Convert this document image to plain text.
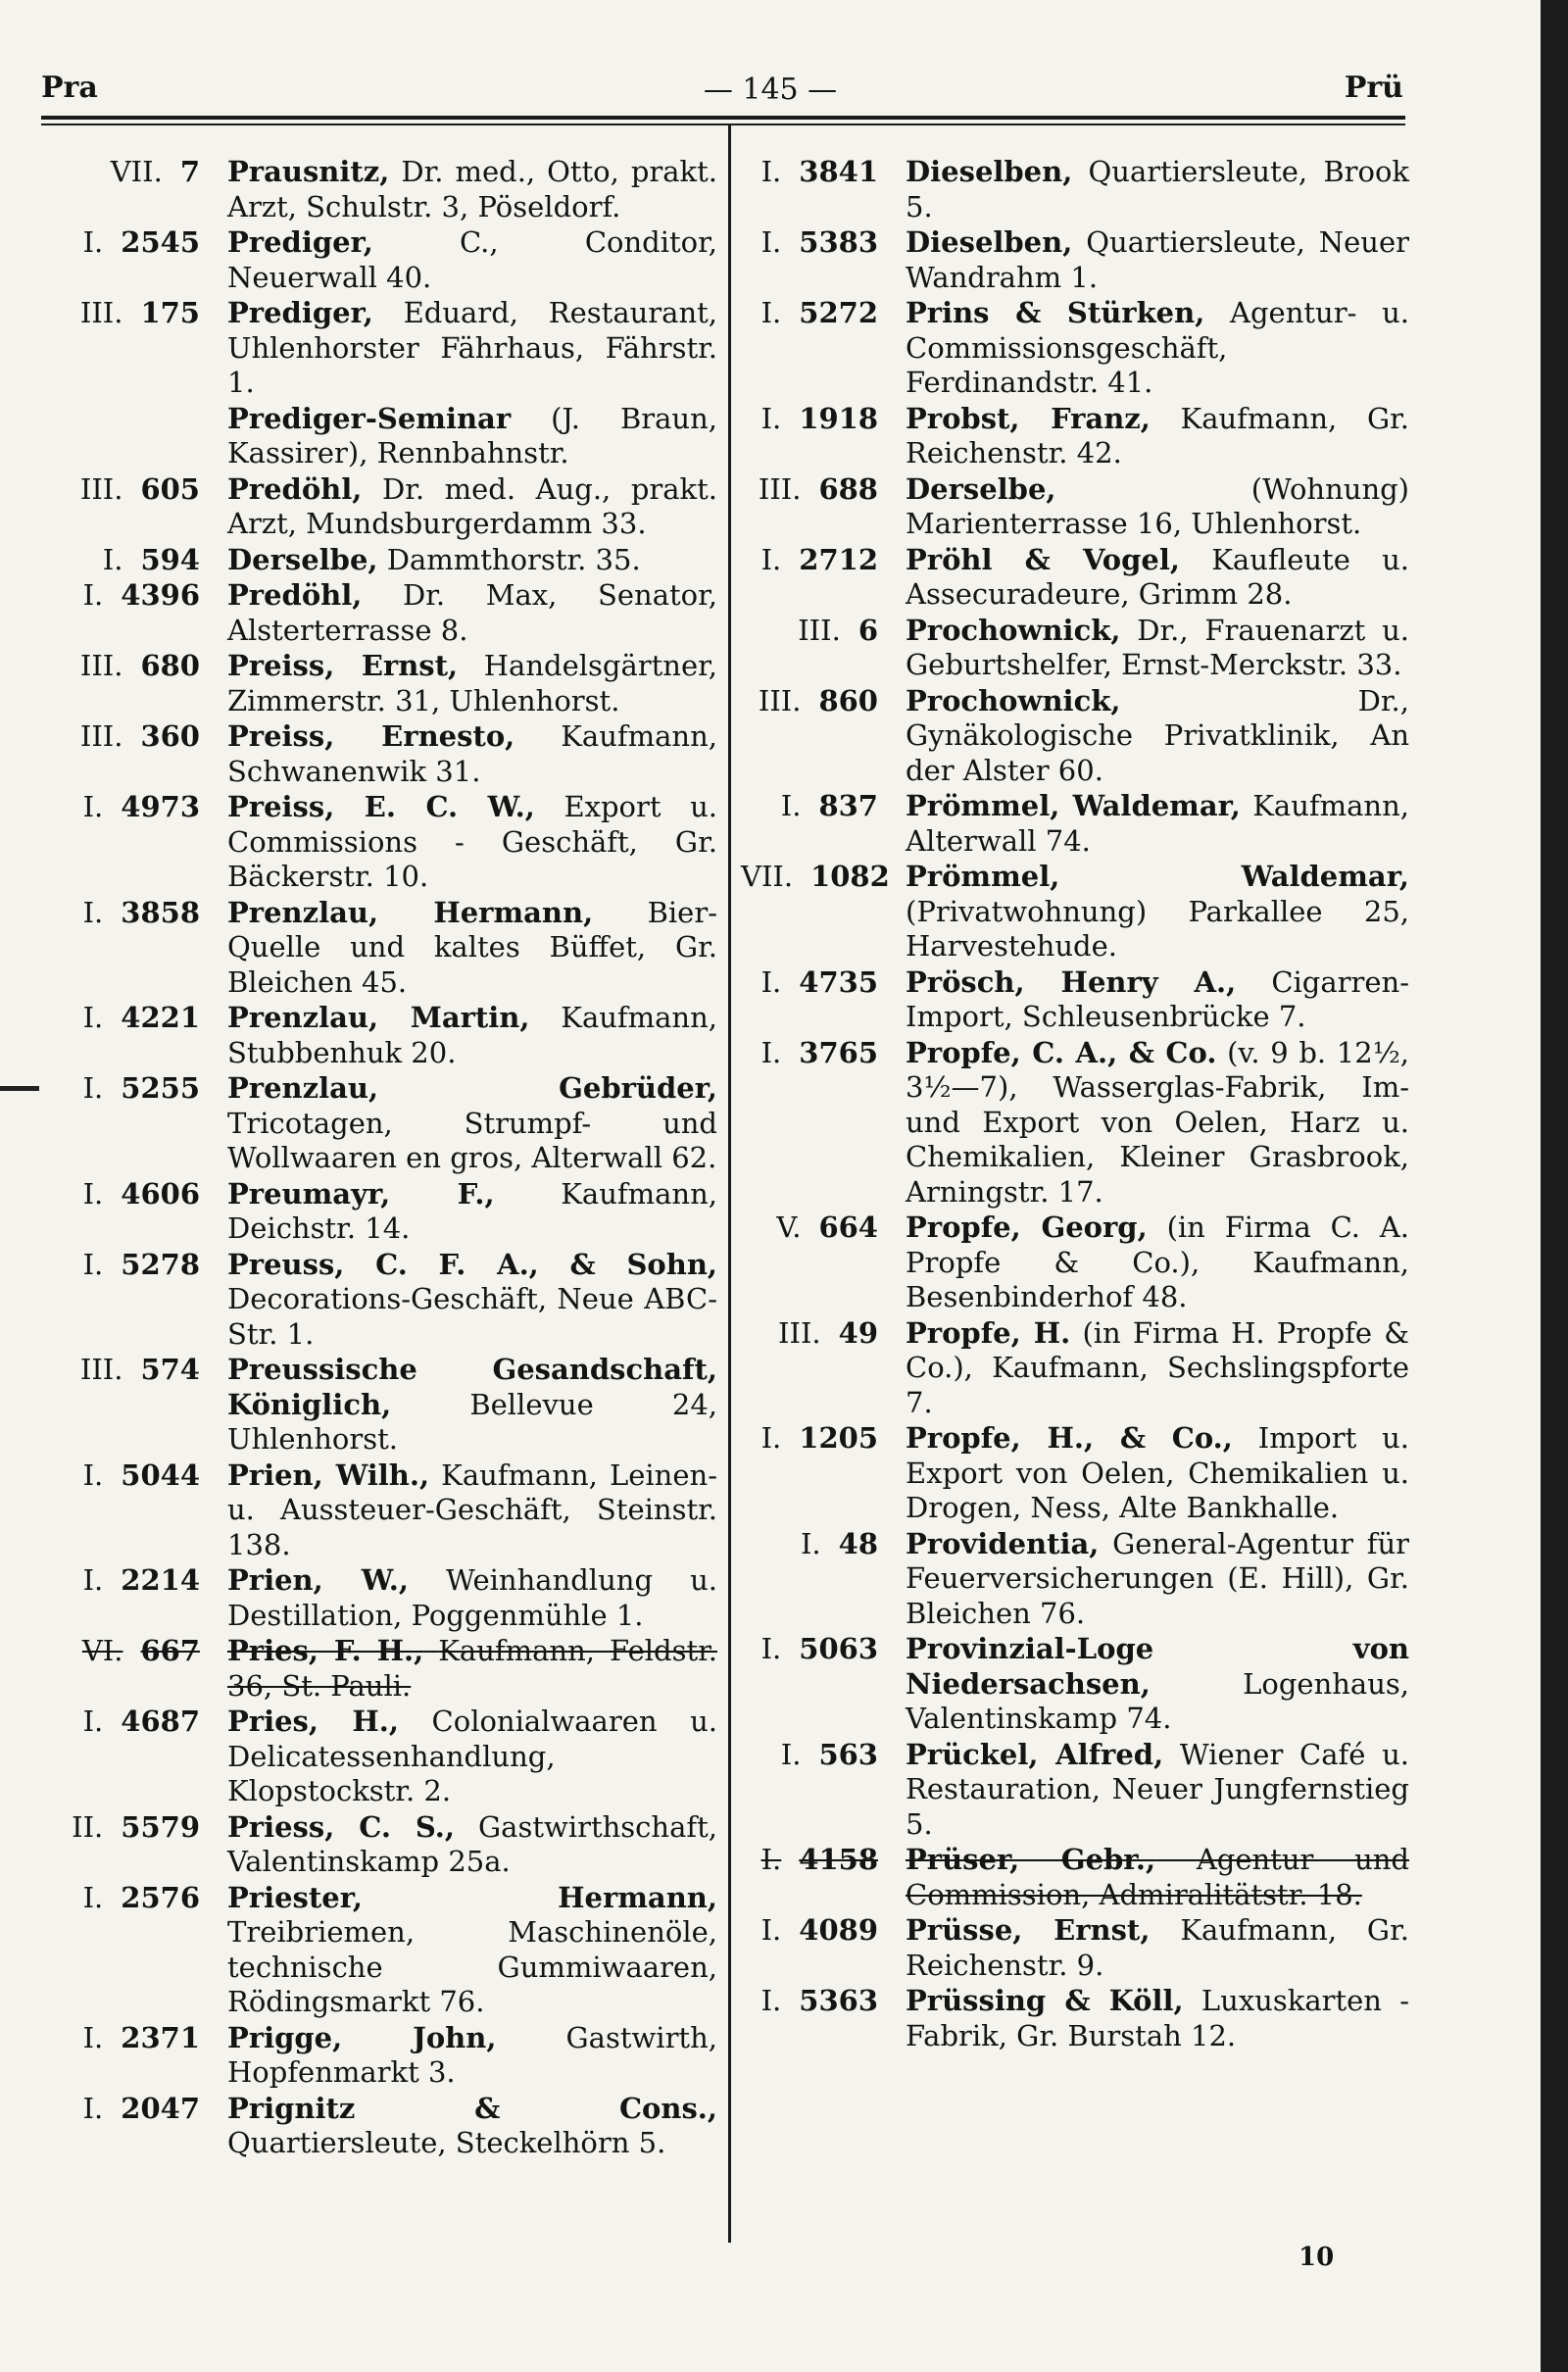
Pra	— 145 —	Prü
VII. 7 Prausnitz, Dr. med., Otto, prakt. Arzt, Schulstr. 3, Pöseldorf.
I. 2545 Prediger,	C., Conditor, Neuerwall 40.
III. 175 Prediger, Eduard, Restaurant, Uhlenhorster Fährhaus, Fährstr. 1.
Prediger-Seminar (J. Braun, Kassirer), Rennbahnstr.
III. 605 Predöhl, Dr. med. Aug., prakt. Arzt, Mundsburgerdamm 33.
I. 594 Derselbe, Dammthorstr. 35.
I. 4396 Predöhl, Dr. Max, Senator, Alsterterrasse 8.
III. 680 Preiss, Ernst, Handelsgärtner, Zimmerstr. 31, Uhlenhorst.
III. 360 Preiss, Ernesto, Kaufmann, Schwanenwik 31.
I. 4973 Preiss, E. C. W., Export u. Commissions - Geschäft, Gr. Bäckerstr. 10.
I. 3858 Prenzlau, Hermann, Bier-Quelle und kaltes Büffet, Gr. Bleichen 45.
I. 4221 Prenzlau, Martin, Kaufmann, Stubbenhuk 20.
I. 5255 Prenzlau, Gebrüder, Tricotagen, Strumpf- und Wollwaaren en gros, Alterwall 62.
I. 4606 Preumayr, F., Kaufmann, Deichstr. 14.
I. 5278 Preuss, C. F. A., & Sohn, Decorations-Geschäft, Neue ABC-Str. 1.
III. 574 Preussische Gesandschaft, Königlich,	Bellevue 24, Uhlenhorst.
I. 5044 Prien, Wilh., Kaufmann, Leinen- u. Aussteuer-Geschäft, Steinstr. 138.
I. 2214 Prien, W., Weinhandlung u. Destillation, Poggenmühle 1.
VI. 667 Pries, F. H., Kaufmann, Feldstr. 36, St. Pauli.
I. 4687 Pries, H., Colonialwaaren u. Delicatessenhandlung, Klopstockstr. 2.
II. 5579 Priess, C. S., Gastwirthschaft, Valentinskamp 25a.
I. 2576 Priester, Hermann, Treibriemen, Maschinenöle, technische Gummiwaaren, Rödingsmarkt 76.
I. 2371 Prigge, John, Gastwirth, Hopfenmarkt 3.
I. 2047 Prignitz & Cons., Quartiersleute, Steckelhörn 5.
I. 3841 Dieselben, Quartiersleute, Brook 5.
I. 5383 Dieselben, Quartiersleute, Neuer Wandrahm 1.
I. 5272 Prins & Stürken, Agentur- u. Commissionsgeschäft, Ferdinandstr. 41.
I. 1918 Probst, Franz, Kaufmann, Gr. Reichenstr. 42.
III. 688 Derselbe,	(Wohnung) Marienterrasse 16, Uhlenhorst.
I. 2712 Pröhl & Vogel, Kaufleute u. Assecuradeure, Grimm 28.
III. 6 Prochownick, Dr., Frauenarzt u. Geburtshelfer, Ernst-Merckstr. 33.
III. 860 Prochownick,	Dr., Gynäkologische Privatklinik, An der Alster 60.
I. 837 Prömmel, Waldemar, Kaufmann, Alterwall 74.
VII. 1082 Prömmel, Waldemar, (Privatwohnung) Parkallee 25, Harvestehude.
I. 4735 Prösch, Henry A., Cigarren-Import, Schleusenbrücke 7.
I. 3765 Propfe, C. A., & Co. (v. 9 b. 12½, 3½—7), Wasserglas-Fabrik, Im- und Export von Oelen, Harz u. Chemikalien, Kleiner Grasbrook, Arningstr. 17.
V. 664 Propfe, Georg, (in Firma C. A. Propfe & Co.), Kaufmann, Besenbinderhof 48.
III. 49 Propfe, H. (in Firma H. Propfe & Co.), Kaufmann, Sechslingspforte 7.
I. 1205 Propfe, H., & Co., Import u. Export von Oelen, Chemikalien u. Drogen, Ness, Alte Bankhalle.
I. 48 Providentia, General-Agentur für Feuerversicherungen (E. Hill), Gr. Bleichen 76.
I. 5063 Provinzial-Loge von Niedersachsen,	Logenhaus, Valentinskamp 74.
I. 563 Prückel, Alfred, Wiener Café u. Restauration, Neuer Jungfernstieg 5.
I. 4158 Prüser, Gebr., Agentur und Commission, Admiralitätstr. 18.
I. 4089 Prüsse, Ernst, Kaufmann, Gr. Reichenstr. 9.
I. 5363 Prüssing & Köll, Luxuskarten - Fabrik, Gr. Burstah 12.
10
